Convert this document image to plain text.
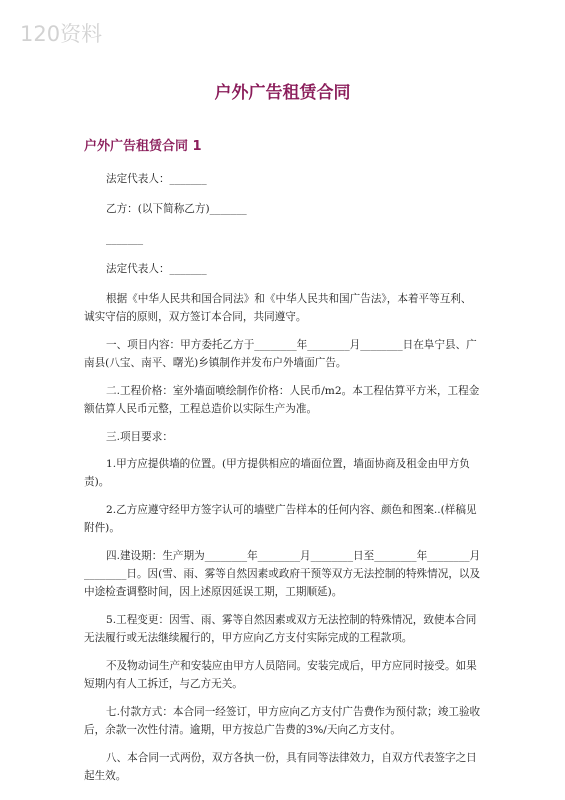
120资料
户外广告租赁合同
户外广告租赁合同 1

法定代表人：_______

乙方：(以下简称乙方)_______

_______

法定代表人：_______

根据《中华人民共和国合同法》和《中华人民共和国广告法》，本着平等互利、诚实守信的原则，双方签订本合同，共同遵守。

一、项目内容：甲方委托乙方于________年________月________日在阜宁县、广南县(八宝、南平、曙光)乡镇制作并发布户外墙面广告。

二.工程价格：室外墙面喷绘制作价格：人民币/m2。本工程估算平方米，工程金额估算人民币元整，工程总造价以实际生产为准。

三.项目要求：

1.甲方应提供墙的位置。(甲方提供相应的墙面位置，墙面协商及租金由甲方负责)。

2.乙方应遵守经甲方签字认可的墙壁广告样本的任何内容、颜色和图案..(样稿见附件)。

四.建设期：生产期为________年________月________日至________年________月________日。因(雪、雨、雾等自然因素或政府干预等双方无法控制的特殊情况，以及中途检查调整时间，因上述原因延误工期，工期顺延)。

5.工程变更：因雪、雨、雾等自然因素或双方无法控制的特殊情况，致使本合同无法履行或无法继续履行的，甲方应向乙方支付实际完成的工程款项。

不及物动词生产和安装应由甲方人员陪同。安装完成后，甲方应同时接受。如果短期内有人工拆迁，与乙方无关。

七.付款方式：本合同一经签订，甲方应向乙方支付广告费作为预付款；竣工验收后，余款一次性付清。逾期，甲方按总广告费的3%/天向乙方支付。

八、本合同一式两份，双方各执一份，具有同等法律效力，自双方代表签字之日起生效。
